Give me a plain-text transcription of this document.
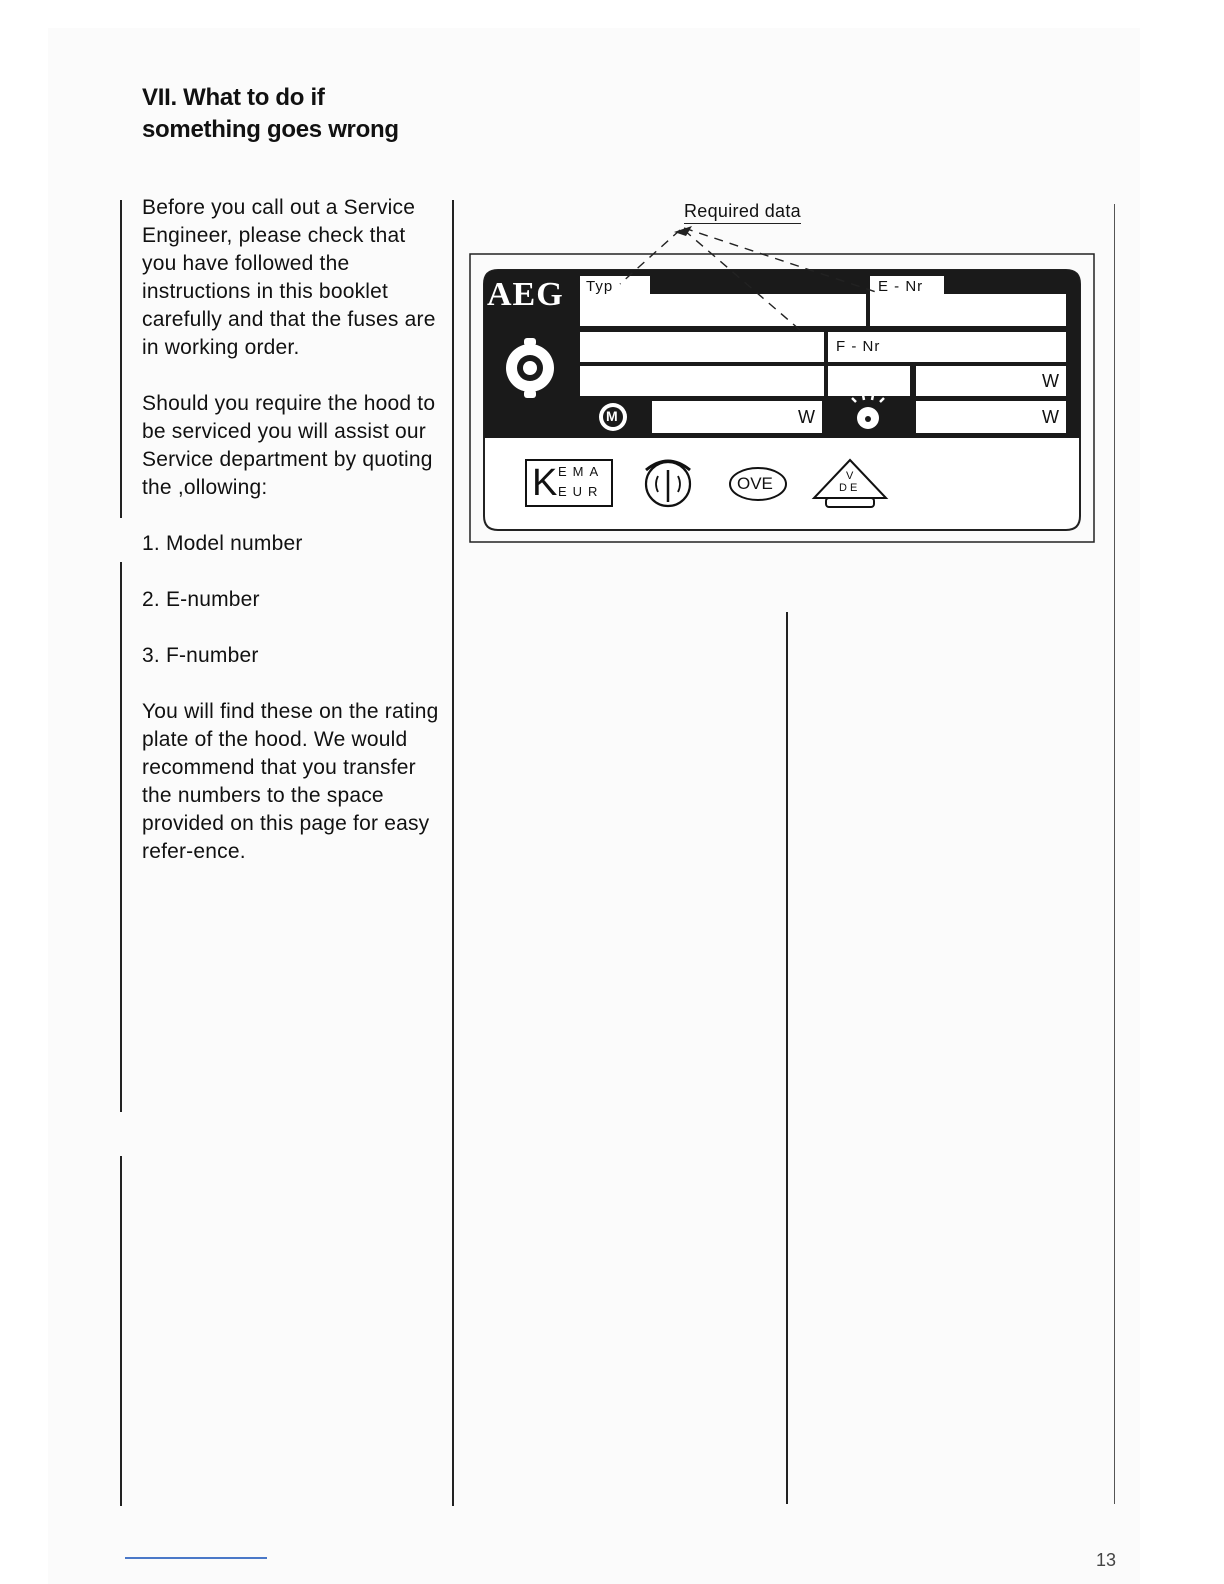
VII. What to do if
something goes wrong

Before you call out a Service Engineer, please check that you have followed the instructions in this booklet carefully and that the fuses are in working order.

Should you require the hood to be serviced you will assist our Service department by quoting the ,ollowing:

1. Model number
2. E-number
3. F-number

You will find these on the rating plate of the hood. We would recommend that you transfer the numbers to the space provided on this page for easy refer-ence.

Required data
AEG Typ	E - Nr
F - Nr
W
W	W
M
K EMA
EUR	OVE	V
D E
13
